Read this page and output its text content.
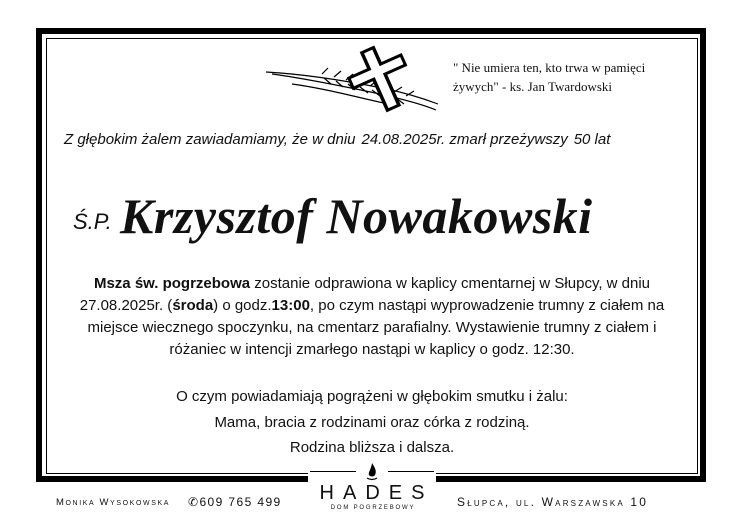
" Nie umiera ten, kto trwa w pamięci
żywych" - ks. Jan Twardowski
Z głębokim żalem zawiadamiamy, że w dniu 24.08.2025r. zmarł przeżywszy 50 lat
Ś.P. Krzysztof Nowakowski
Msza św. pogrzebowa zostanie odprawiona w kaplicy cmentarnej w Słupcy, w dniu 27.08.2025r. (środa) o godz.13:00, po czym nastąpi wyprowadzenie trumny z ciałem na miejsce wiecznego spoczynku, na cmentarz parafialny. Wystawienie trumny z ciałem i różaniec w intencji zmarłego nastąpi w kaplicy o godz. 12:30.
O czym powiadamiają pogrążeni w głębokim smutku i żalu:
Mama, bracia z rodzinami oraz córka z rodziną.
Rodzina bliższa i dalsza.
Monika Wysokowska ✆609 765 499	HADES
DOM POGRZEBOWY	Słupca, ul. Warszawska 10
